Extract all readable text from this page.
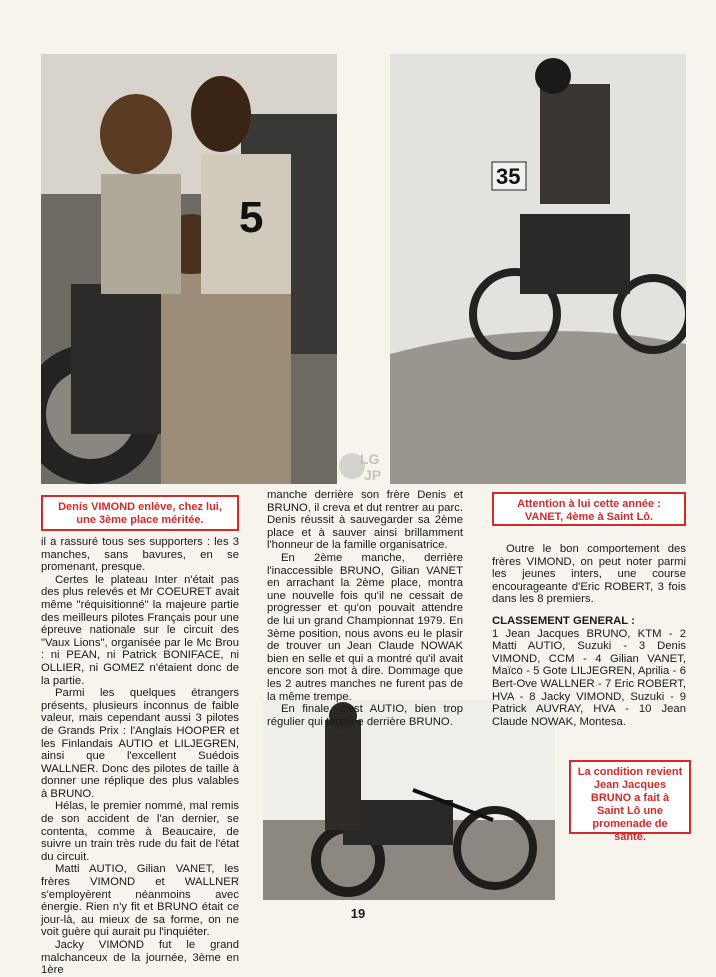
5
35
LG
JP
Denis VIMOND enlève, chez lui, une 3ème place méritée.
Attention à lui cette année : VANET, 4ème à Saint Lô.
La condition revient Jean Jacques BRUNO a fait à Saint Lô une promenade de santé.

il a rassuré tous ses supporters : les 3 manches, sans bavures, en se promenant, presque.

Certes le plateau Inter n'était pas des plus relevés et Mr COEURET avait même "réquisitionné" la majeure partie des meilleurs pilotes Français pour une épreuve nationale sur le circuit des "Vaux Lions", organisée par le Mc Brou : ni PEAN, ni Patrick BONIFACE, ni OLLIER, ni GOMEZ n'étaient donc de la partie.

Parmi les quelques étrangers présents, plusieurs inconnus de faible valeur, mais cependant aussi 3 pilotes de Grands Prix : l'Anglais HOOPER et les Finlandais AUTIO et LILJEGREN, ainsi que l'excellent Suédois WALLNER. Donc des pilotes de taille à donner une réplique des plus valables à BRUNO.

Hélas, le premier nommé, mal remis de son accident de l'an dernier, se contenta, comme à Beaucaire, de suivre un train très rude du fait de l'état du circuit.

Matti AUTIO, Gilian VANET, les frères VIMOND et WALLNER s'employèrent néanmoins avec énergie. Rien n'y fit et BRUNO était ce jour-là, au mieux de sa forme, on ne voit guère qui aurait pu l'inquiéter.

Jacky VIMOND fut le grand malchanceux de la journée, 3ème en 1ère

manche derrière son frère Denis et BRUNO, il creva et dut rentrer au parc. Denis réussit à sauvegarder sa 2ème place et à sauver ainsi brillamment l'honneur de la famille organisatrice.

En 2ème manche, derrière l'inaccessible BRUNO, Gilian VANET en arrachant la 2ème place, montra une nouvelle fois qu'il ne cessait de progresser et qu'on pouvait attendre de lui un grand Championnat 1979. En 3ème position, nous avons eu le plasir de trouver un Jean Claude NOWAK bien en selle et qui a montré qu'il avait encore son mot à dire. Dommage que les 2 autres manches ne furent pas de la même trempe.

En finale, c'est AUTIO, bien trop régulier qui termine derrière BRUNO.

Outre le bon comportement des frères VIMOND, on peut noter parmi les jeunes inters, une course encourageante d'Eric ROBERT, 3 fois dans les 8 premiers.

CLASSEMENT GENERAL :

1 Jean Jacques BRUNO, KTM - 2 Matti AUTIO, Suzuki - 3 Denis VIMOND, CCM - 4 Gilian VANET, Maïco - 5 Gote LILJEGREN, Aprilia - 6 Bert-Ove WALLNER - 7 Eric ROBERT, HVA - 8 Jacky VIMOND, Suzuki - 9 Patrick AUVRAY, HVA - 10 Jean Claude NOWAK, Montesa.

19
